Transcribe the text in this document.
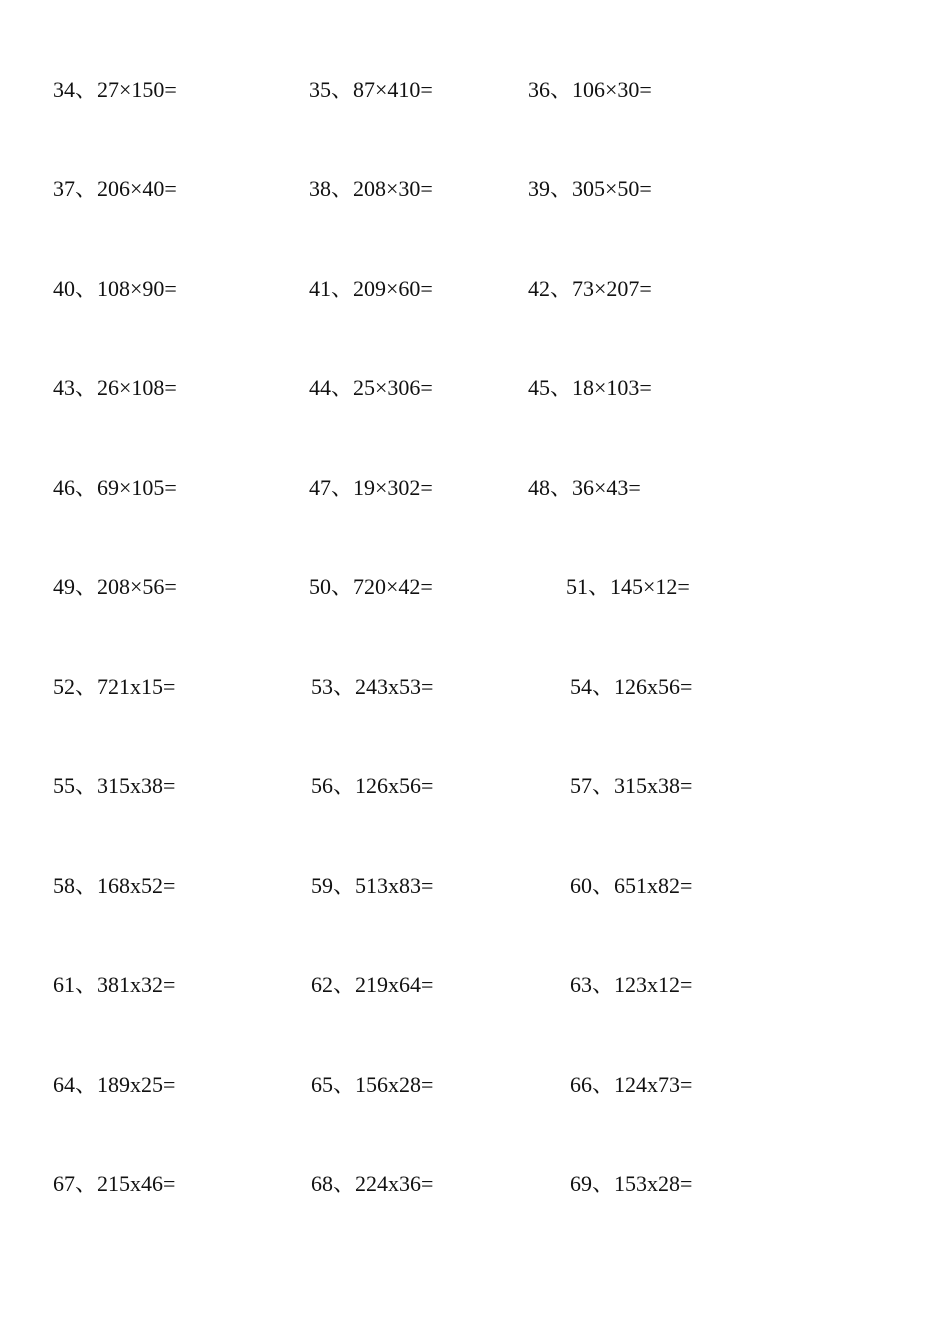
34、27×150=	35、87×410=	36、106×30=
37、206×40=	38、208×30=	39、305×50=
40、108×90=	41、209×60=	42、73×207=
43、26×108=	44、25×306=	45、18×103=
46、69×105=	47、19×302=	48、36×43=
49、208×56=	50、720×42=	51、145×12=
52、721x15=	53、243x53=	54、126x56=
55、315x38=	56、126x56=	57、315x38=
58、168x52=	59、513x83=	60、651x82=
61、381x32=	62、219x64=	63、123x12=
64、189x25=	65、156x28=	66、124x73=
67、215x46=	68、224x36=	69、153x28=
